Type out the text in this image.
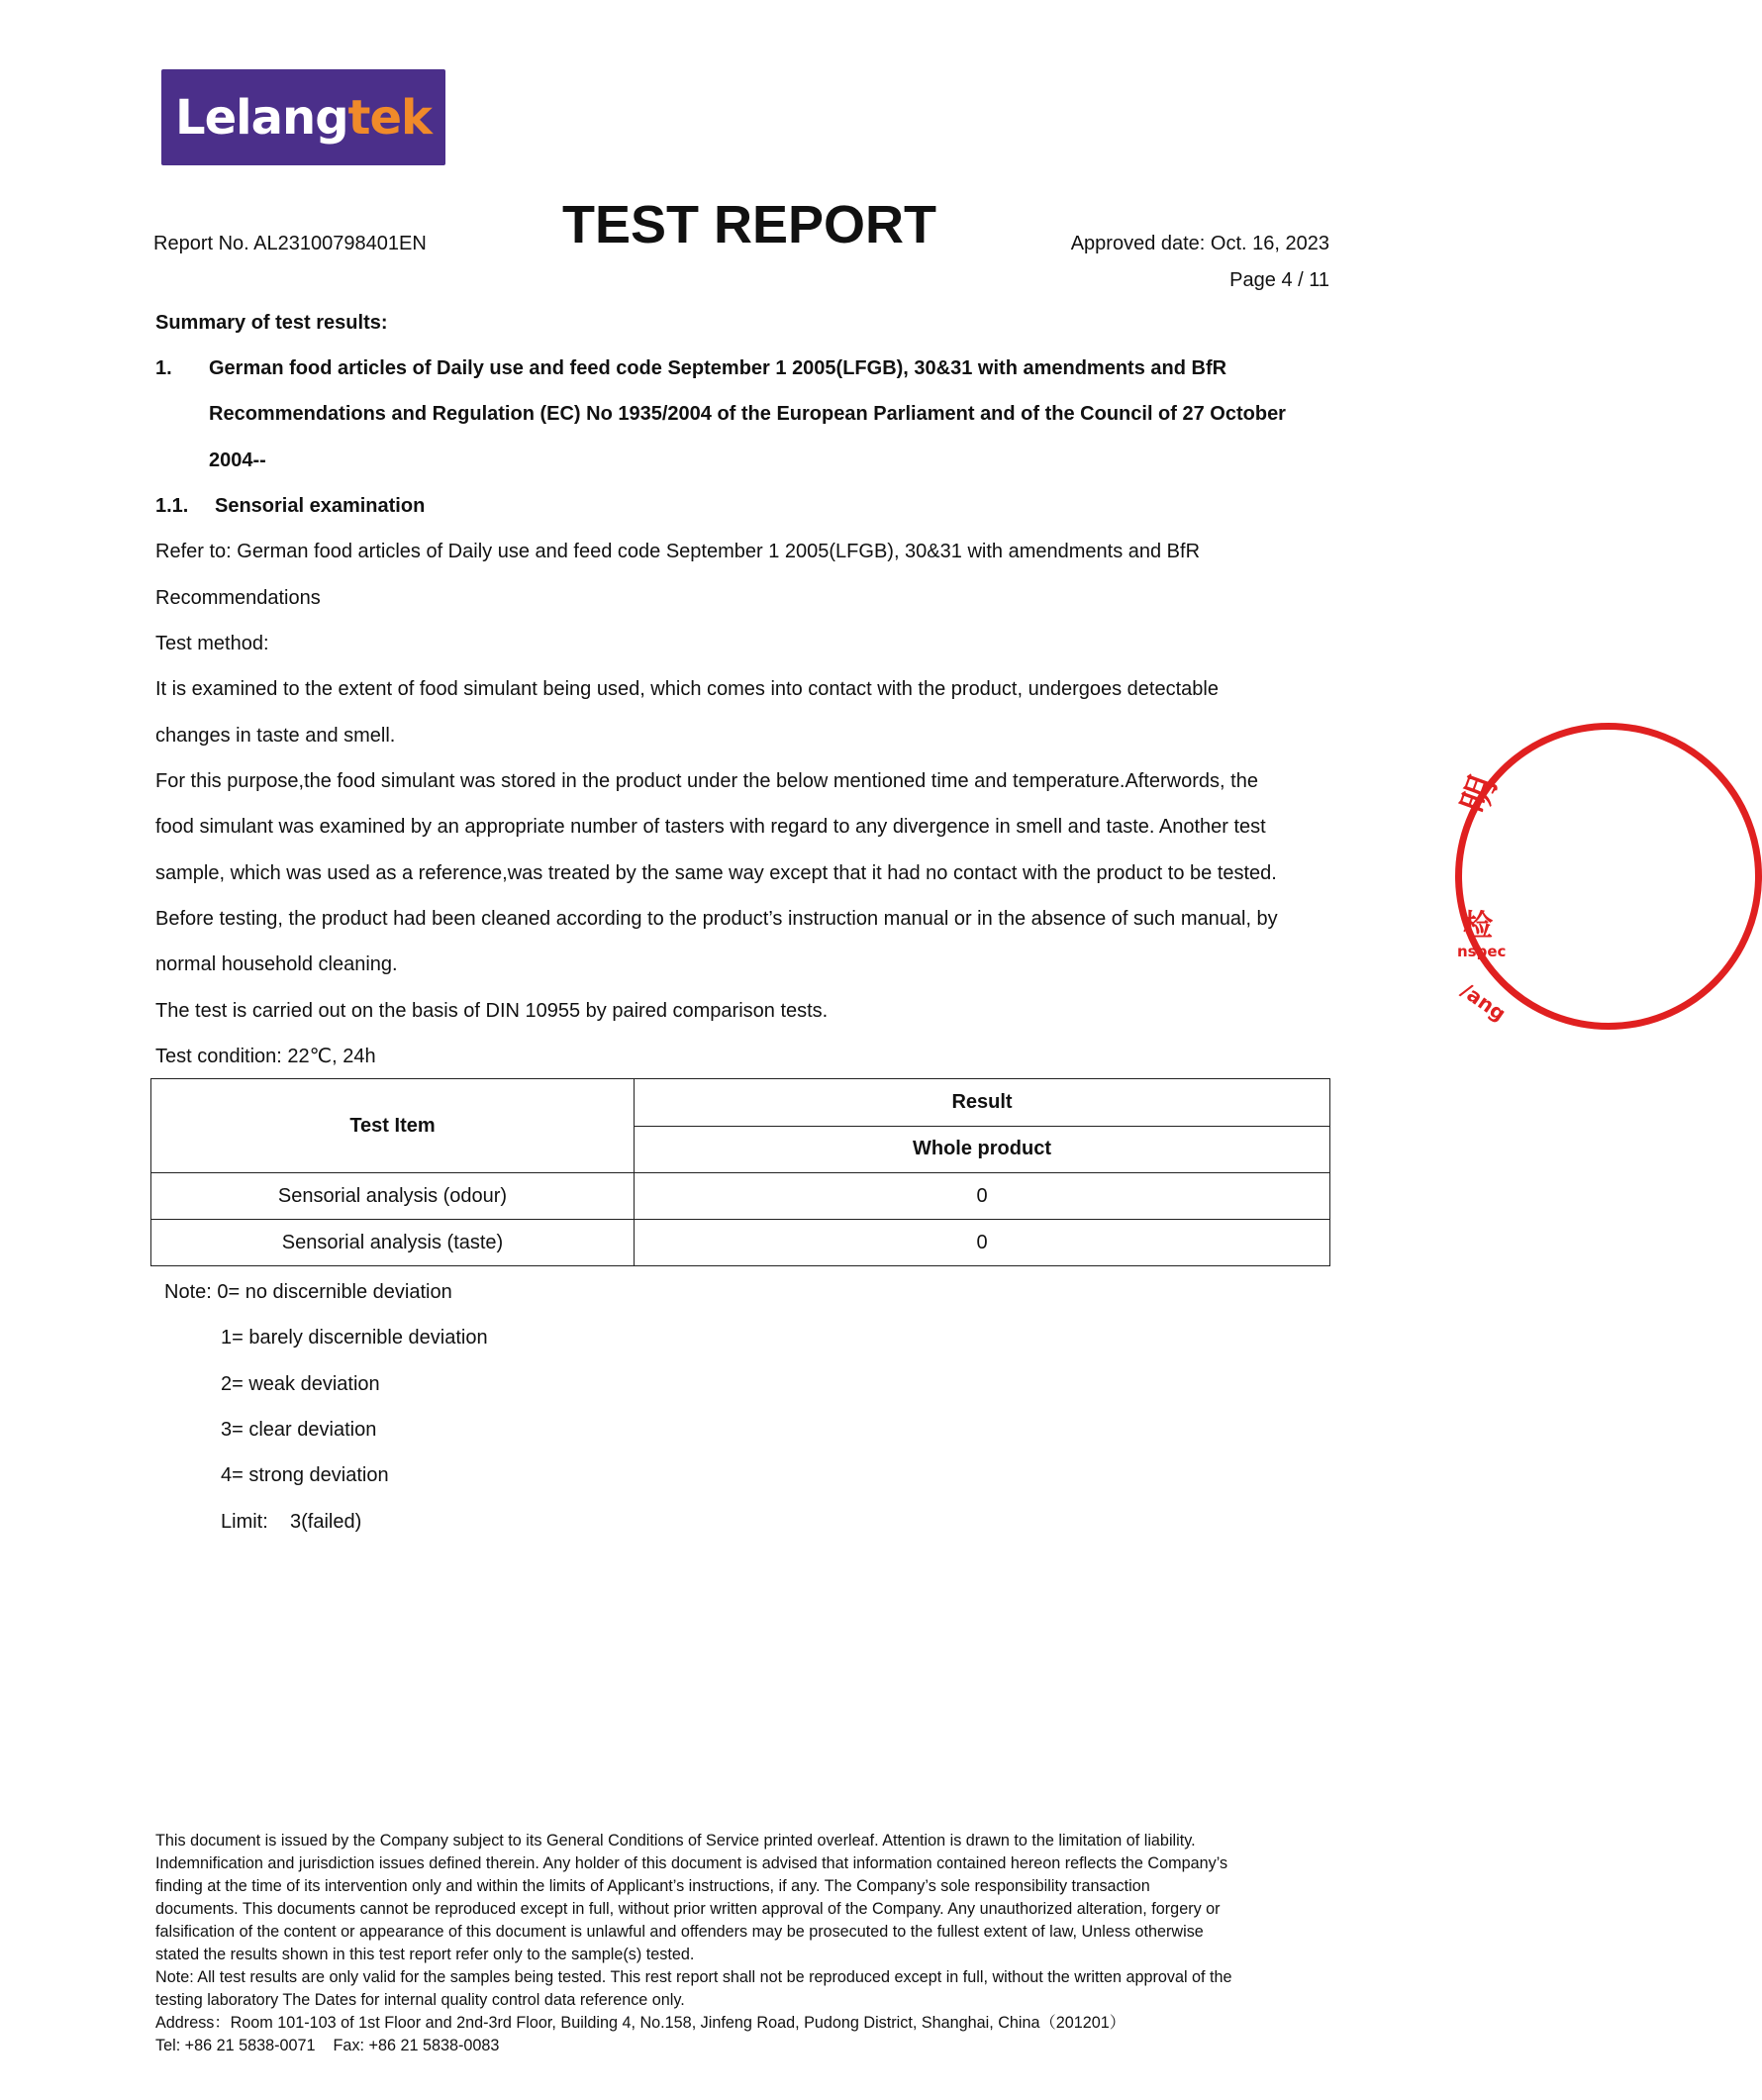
Lelangtek
Report No. AL23100798401EN	TEST REPORT	Approved date: Oct. 16, 2023
Page 4 / 11
Summary of test results:
1. German food articles of Daily use and feed code September 1 2005(LFGB), 30&31 with amendments and BfR
Recommendations and Regulation (EC) No 1935/2004 of the European Parliament and of the Council of 27 October
2004--
1.1. Sensorial examination
Refer to: German food articles of Daily use and feed code September 1 2005(LFGB), 30&31 with amendments and BfR
Recommendations
Test method:
It is examined to the extent of food simulant being used, which comes into contact with the product, undergoes detectable
changes in taste and smell.
For this purpose,the food simulant was stored in the product under the below mentioned time and temperature.Afterwords, the
food simulant was examined by an appropriate number of tasters with regard to any divergence in smell and taste. Another test
sample, which was used as a reference,was treated by the same way except that it had no contact with the product to be tested.
Before testing, the product had been cleaned according to the product’s instruction manual or in the absence of such manual, by
normal household cleaning.
The test is carried out on the basis of DIN 10955 by paired comparison tests.
Test condition: 22℃, 24h
Test Item	Result
	Whole product
Sensorial analysis (odour)	0
Sensorial analysis (taste)	0
Note: 0= no discernible deviation
1= barely discernible deviation
2= weak deviation
3= clear deviation
4= strong deviation
Limit:    3(failed)
明
检
nspec
/ang

This document is issued by the Company subject to its General Conditions of Service printed overleaf. Attention is drawn to the limitation of liability.

Indemnification and jurisdiction issues defined therein. Any holder of this document is advised that information contained hereon reflects the Company’s

finding at the time of its intervention only and within the limits of Applicant’s instructions, if any. The Company’s sole responsibility transaction

documents. This documents cannot be reproduced except in full, without prior written approval of the Company. Any unauthorized alteration, forgery or

falsification of the content or appearance of this document is unlawful and offenders may be prosecuted to the fullest extent of law, Unless otherwise

stated the results shown in this test report refer only to the sample(s) tested.

Note: All test results are only valid for the samples being tested. This rest report shall not be reproduced except in full, without the written approval of the

testing laboratory The Dates for internal quality control data reference only.

Address：Room 101-103 of 1st Floor and 2nd-3rd Floor, Building 4, No.158, Jinfeng Road, Pudong District, Shanghai, China（201201）

Tel: +86 21 5838-0071    Fax: +86 21 5838-0083
